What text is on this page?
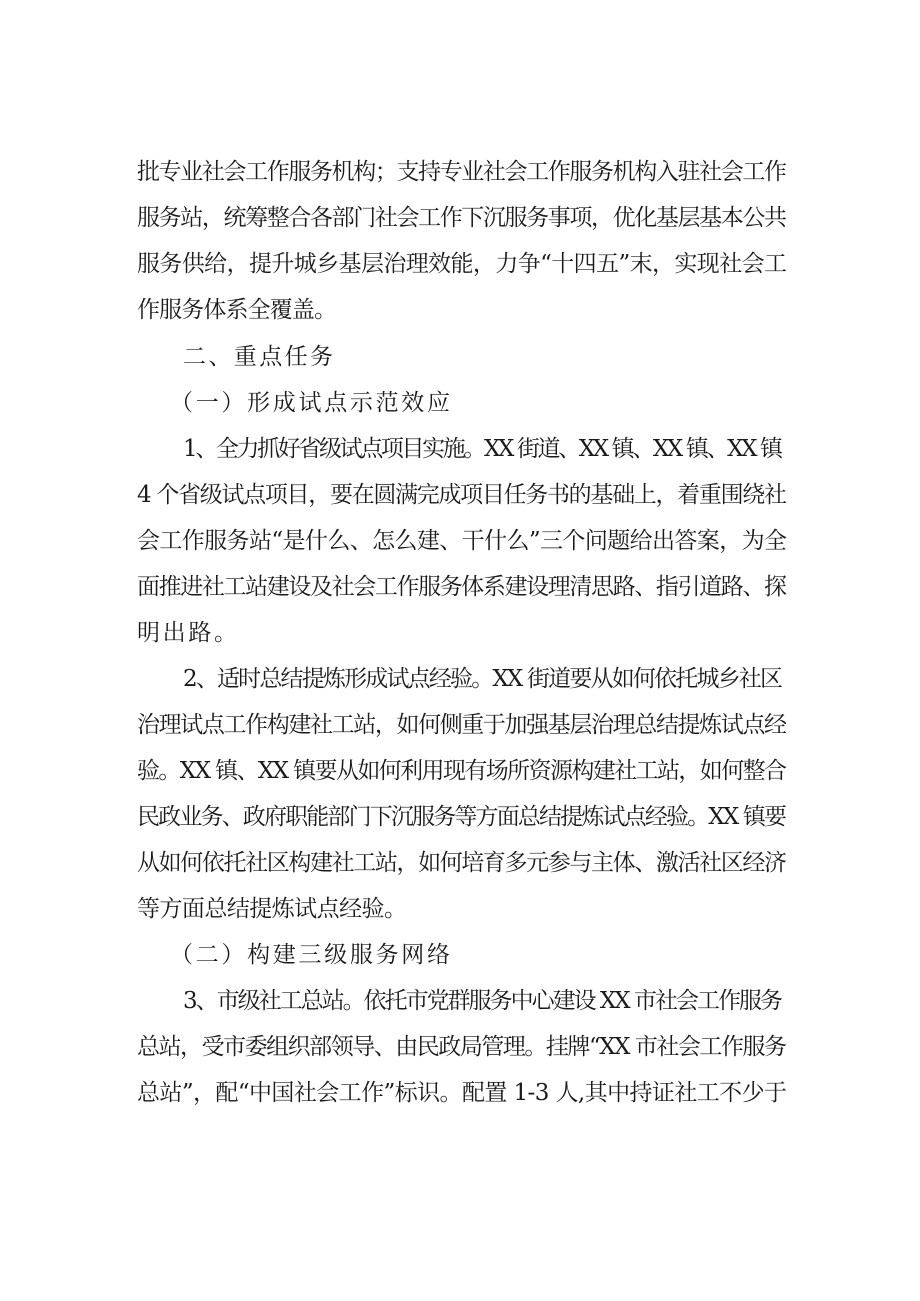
批专业社会工作服务机构；支持专业社会工作服务机构入驻社会工作

服务站，统筹整合各部门社会工作下沉服务事项，优化基层基本公共

服务供给，提升城乡基层治理效能，力争“十四五”末，实现社会工

作服务体系全覆盖。

二、重点任务

（一）形成试点示范效应

1、全力抓好省级试点项目实施。XX 街道、XX 镇、XX 镇、XX 镇

4 个省级试点项目，要在圆满完成项目任务书的基础上，着重围绕社

会工作服务站“是什么、怎么建、干什么”三个问题给出答案，为全

面推进社工站建设及社会工作服务体系建设理清思路、指引道路、探

明出路。

2、适时总结提炼形成试点经验。XX 街道要从如何依托城乡社区

治理试点工作构建社工站，如何侧重于加强基层治理总结提炼试点经

验。XX 镇、XX 镇要从如何利用现有场所资源构建社工站，如何整合

民政业务、政府职能部门下沉服务等方面总结提炼试点经验。XX 镇要

从如何依托社区构建社工站，如何培育多元参与主体、激活社区经济

等方面总结提炼试点经验。

（二）构建三级服务网络

3、市级社工总站。依托市党群服务中心建设 XX 市社会工作服务

总站，受市委组织部领导、由民政局管理。挂牌“XX 市社会工作服务

总站”，配“中国社会工作”标识。配置 1-3 人,其中持证社工不少于
